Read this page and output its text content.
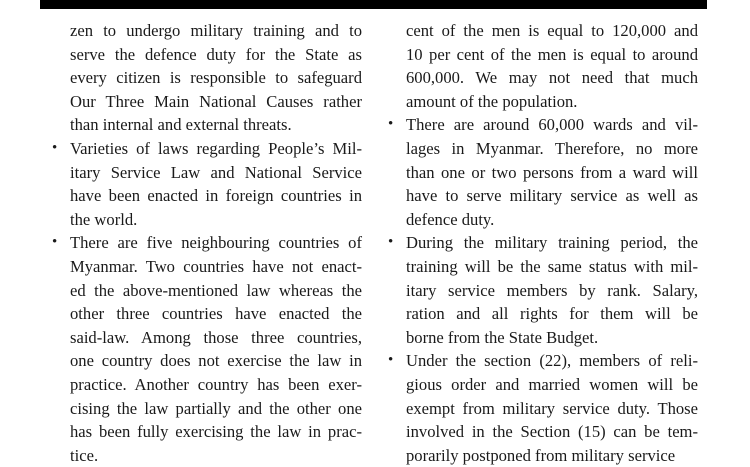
zen to undergo military training and to
serve the defence duty for the State as
every citizen is responsible to safeguard
Our Three Main National Causes rather
than internal and external threats.
• Varieties of laws regarding People’s Mil-
itary Service Law and National Service
have been enacted in foreign countries in
the world.
• There are five neighbouring countries of
Myanmar. Two countries have not enact-
ed the above-mentioned law whereas the
other three countries have enacted the
said-law. Among those three countries,
one country does not exercise the law in
practice. Another country has been exer-
cising the law partially and the other one
has been fully exercising the law in prac-
tice.
cent of the men is equal to 120,000 and
10 per cent of the men is equal to around
600,000. We may not need that much
amount of the population.
• There are around 60,000 wards and vil-
lages in Myanmar. Therefore, no more
than one or two persons from a ward will
have to serve military service as well as
defence duty.
• During the military training period, the
training will be the same status with mil-
itary service members by rank. Salary,
ration and all rights for them will be
borne from the State Budget.
• Under the section (22), members of reli-
gious order and married women will be
exempt from military service duty. Those
involved in the Section (15) can be tem-
porarily postponed from military service
